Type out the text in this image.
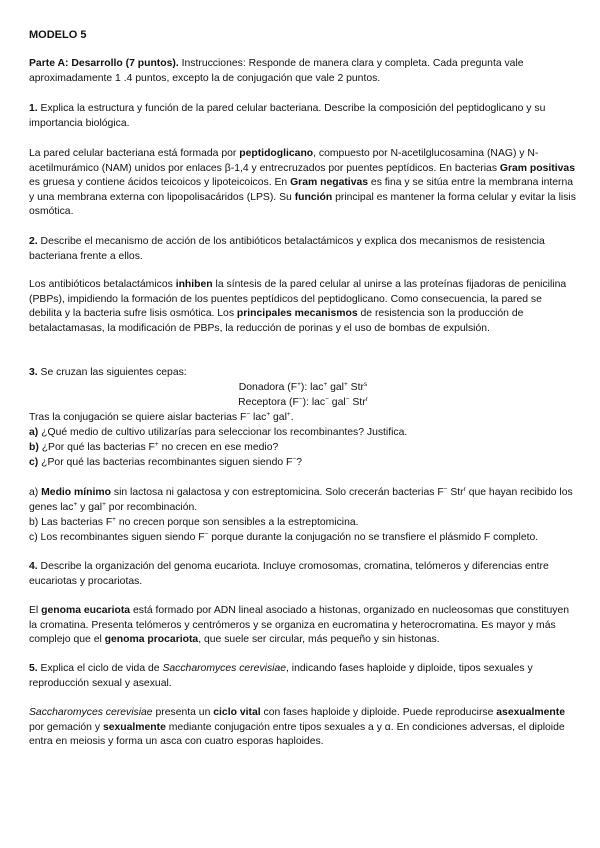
MODELO 5
Parte A: Desarrollo (7 puntos). Instrucciones: Responde de manera clara y completa. Cada pregunta vale aproximadamente 1 .4 puntos, excepto la de conjugación que vale 2 puntos.
1. Explica la estructura y función de la pared celular bacteriana. Describe la composición del peptidoglicano y su importancia biológica.
La pared celular bacteriana está formada por peptidoglicano, compuesto por N-acetilglucosamina (NAG) y N-acetilmurámico (NAM) unidos por enlaces β-1,4 y entrecruzados por puentes peptídicos. En bacterias Gram positivas es gruesa y contiene ácidos teicoicos y lipoteicoicos. En Gram negativas es fina y se sitúa entre la membrana interna y una membrana externa con lipopolisacáridos (LPS). Su función principal es mantener la forma celular y evitar la lisis osmótica.
2. Describe el mecanismo de acción de los antibióticos betalactámicos y explica dos mecanismos de resistencia bacteriana frente a ellos.
Los antibióticos betalactámicos inhiben la síntesis de la pared celular al unirse a las proteínas fijadoras de penicilina (PBPs), impidiendo la formación de los puentes peptídicos del peptidoglicano. Como consecuencia, la pared se debilita y la bacteria sufre lisis osmótica. Los principales mecanismos de resistencia son la producción de betalactamasas, la modificación de PBPs, la reducción de porinas y el uso de bombas de expulsión.
3. Se cruzan las siguientes cepas:
Donadora (F+): lac+ gal+ Str$^s$
Receptora (F−): lac− gal− Str$^r$
Tras la conjugación se quiere aislar bacterias F− lac+ gal+.
a) ¿Qué medio de cultivo utilizarías para seleccionar los recombinantes? Justifica.
b) ¿Por qué las bacterias F+ no crecen en ese medio?
c) ¿Por qué las bacterias recombinantes siguen siendo F−?
a) Medio mínimo sin lactosa ni galactosa y con estreptomicina. Solo crecerán bacterias F− Str$^r$ que hayan recibido los genes lac+ y gal+ por recombinación.
b) Las bacterias F+ no crecen porque son sensibles a la estreptomicina.
c) Los recombinantes siguen siendo F− porque durante la conjugación no se transfiere el plásmido F completo.
4. Describe la organización del genoma eucariota. Incluye cromosomas, cromatina, telómeros y diferencias entre eucariotas y procariotas.
El genoma eucariota está formado por ADN lineal asociado a histonas, organizado en nucleosomas que constituyen la cromatina. Presenta telómeros y centrómeros y se organiza en eucromatina y heterocromatina. Es mayor y más complejo que el genoma procariota, que suele ser circular, más pequeño y sin histonas.
5. Explica el ciclo de vida de Saccharomyces cerevisiae, indicando fases haploide y diploide, tipos sexuales y reproducción sexual y asexual.
Saccharomyces cerevisiae presenta un ciclo vital con fases haploide y diploide. Puede reproducirse asexualmente por gemación y sexualmente mediante conjugación entre tipos sexuales a y α. En condiciones adversas, el diploide entra en meiosis y forma un asca con cuatro esporas haploides.
